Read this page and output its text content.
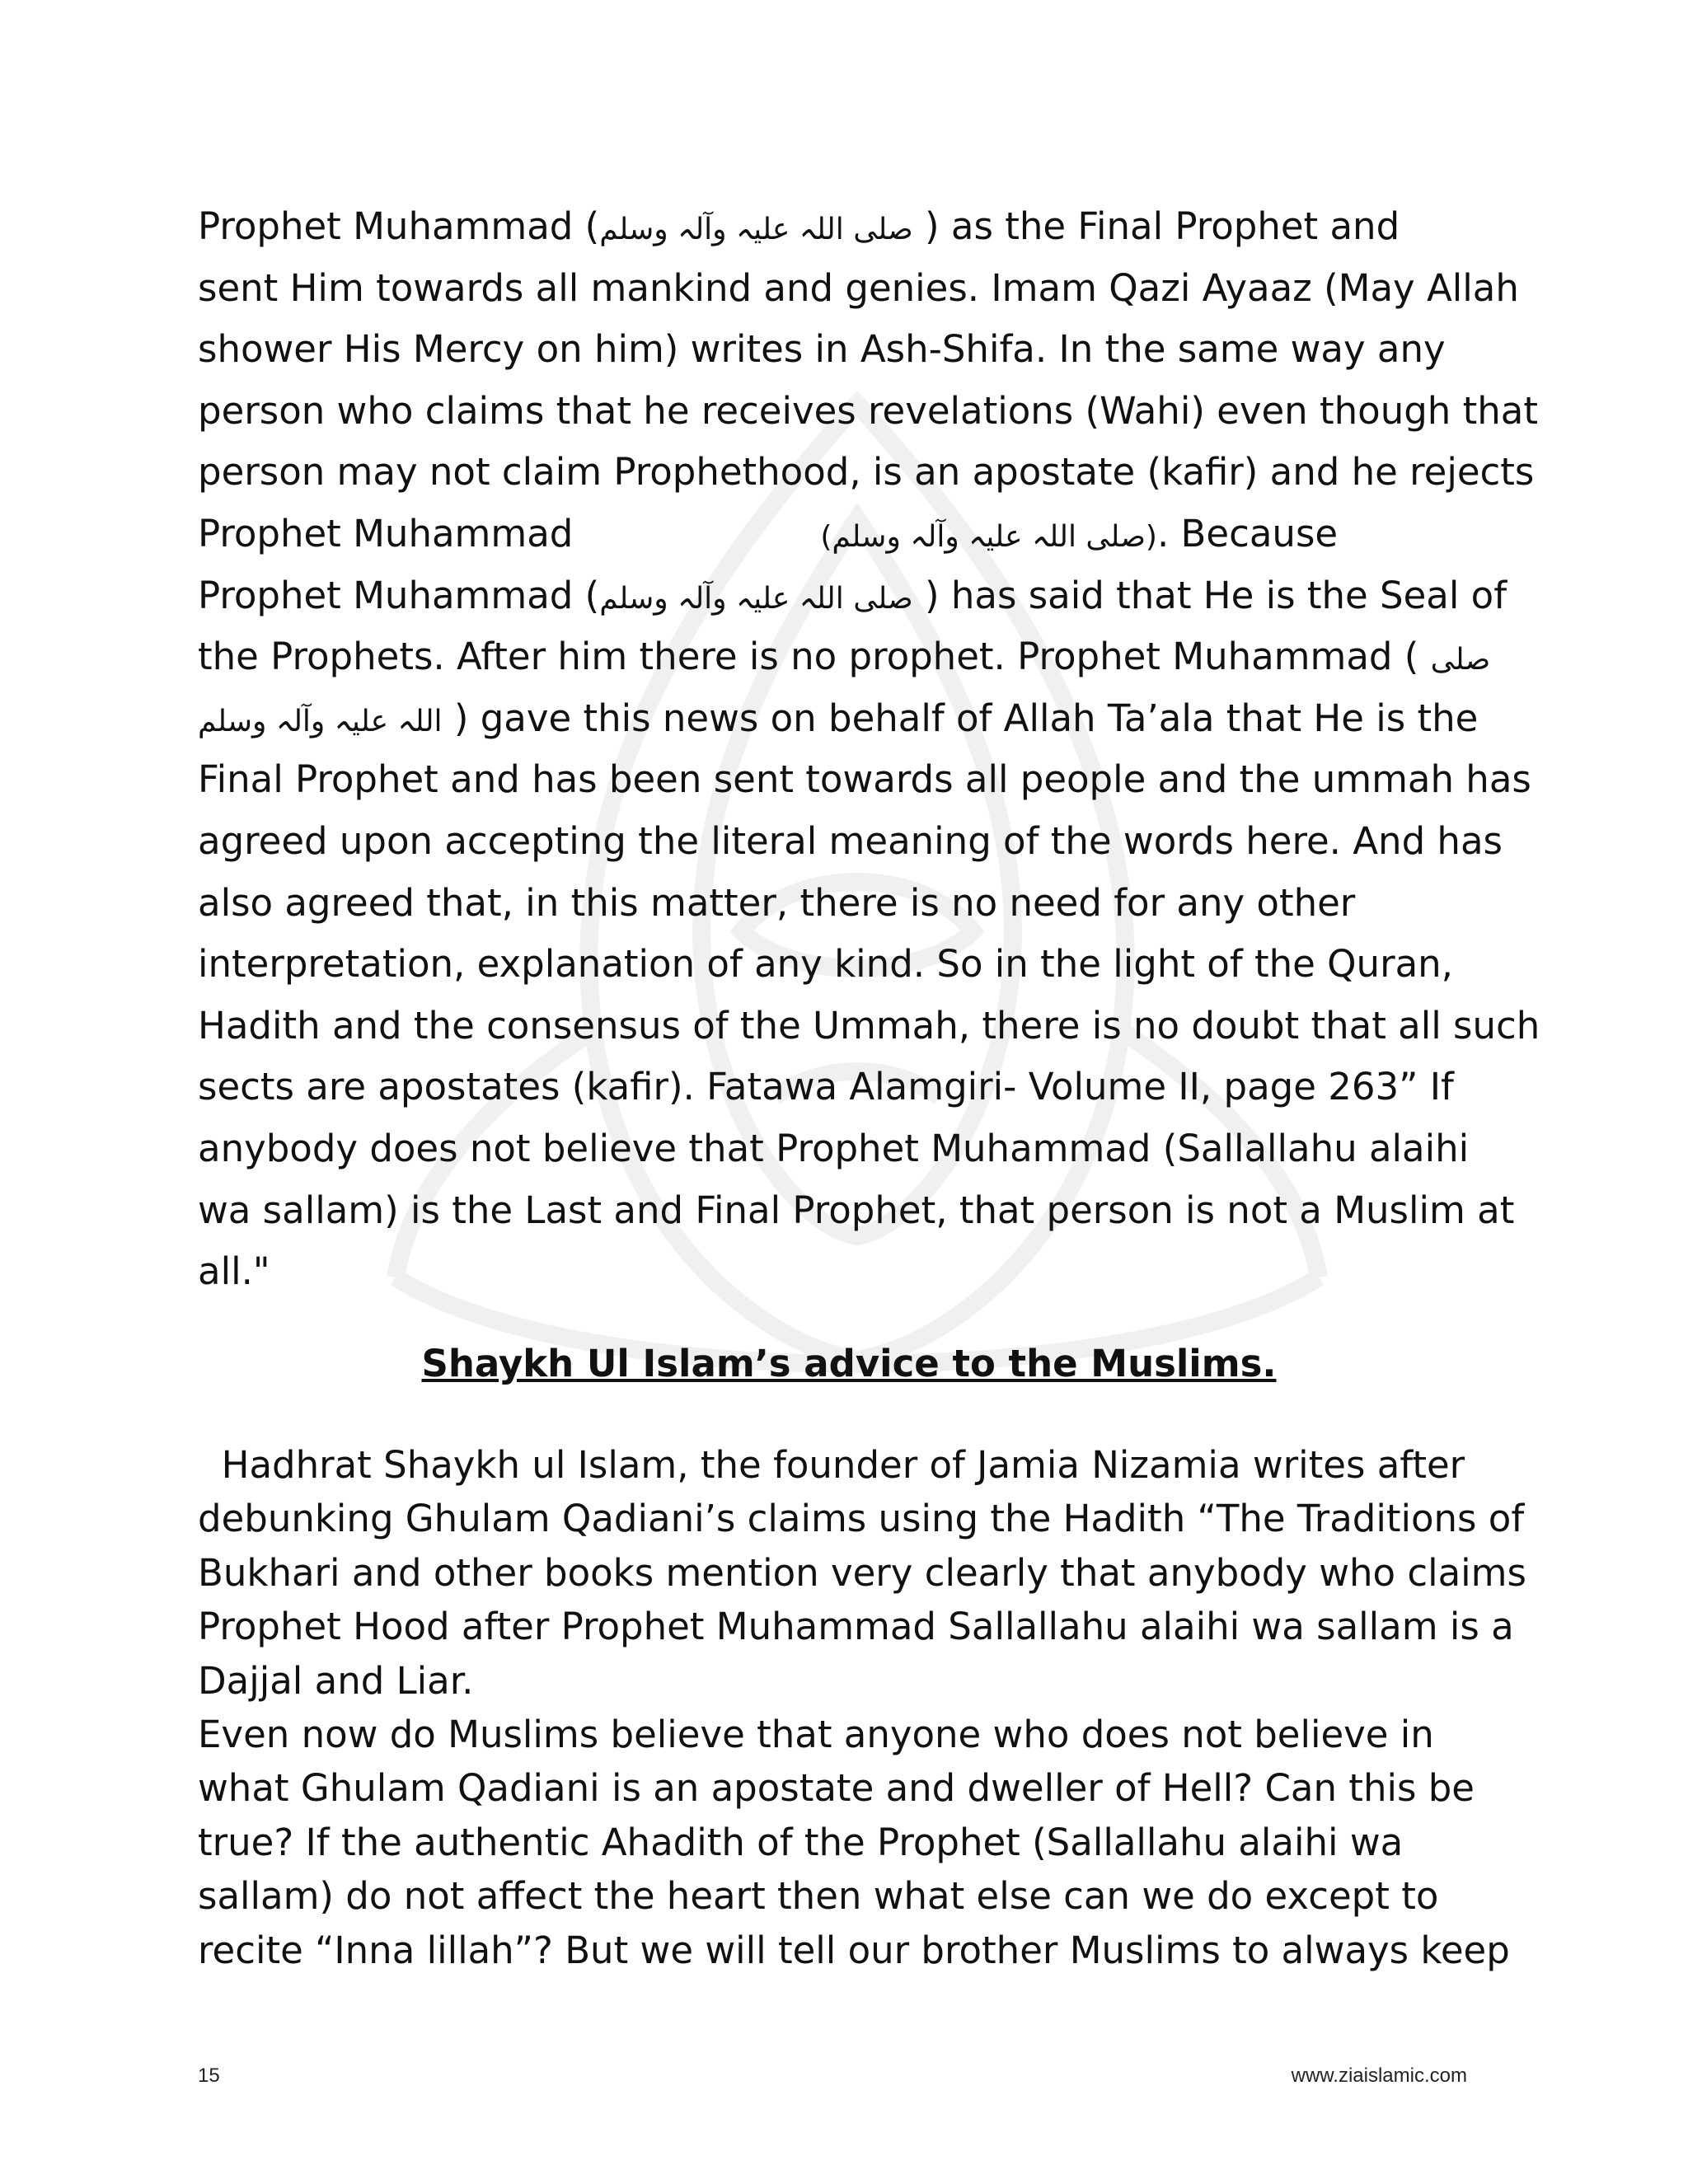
Prophet Muhammad (صلی اللہ علیہ وآلہ وسلم ) as the Final Prophet and
sent Him towards all mankind and genies. Imam Qazi Ayaaz (May Allah
shower His Mercy on him) writes in Ash-Shifa. In the same way any
person who claims that he receives revelations (Wahi) even though that
person may not claim Prophethood, is an apostate (kafir) and he rejects
Prophet Muhammad	(صلی اللہ علیہ وآلہ وسلم). Because
Prophet Muhammad (صلی اللہ علیہ وآلہ وسلم ) has said that He is the Seal of
the Prophets. After him there is no prophet. Prophet Muhammad ( صلی
اللہ علیہ وآلہ وسلم ) gave this news on behalf of Allah Ta’ala that He is the
Final Prophet and has been sent towards all people and the ummah has
agreed upon accepting the literal meaning of the words here. And has
also agreed that, in this matter, there is no need for any other
interpretation, explanation of any kind. So in the light of the Quran,
Hadith and the consensus of the Ummah, there is no doubt that all such
sects are apostates (kafir). Fatawa Alamgiri- Volume II, page 263” If
anybody does not believe that Prophet Muhammad (Sallallahu alaihi
wa sallam) is the Last and Final Prophet, that person is not a Muslim at
all."
Shaykh Ul Islam’s advice to the Muslims.
Hadhrat Shaykh ul Islam, the founder of Jamia Nizamia writes after
debunking Ghulam Qadiani’s claims using the Hadith “The Traditions of
Bukhari and other books mention very clearly that anybody who claims
Prophet Hood after Prophet Muhammad Sallallahu alaihi wa sallam is a
Dajjal and Liar.
Even now do Muslims believe that anyone who does not believe in
what Ghulam Qadiani is an apostate and dweller of Hell? Can this be
true? If the authentic Ahadith of the Prophet (Sallallahu alaihi wa
sallam) do not affect the heart then what else can we do except to
recite “Inna lillah”? But we will tell our brother Muslims to always keep
15	www.ziaislamic.com
